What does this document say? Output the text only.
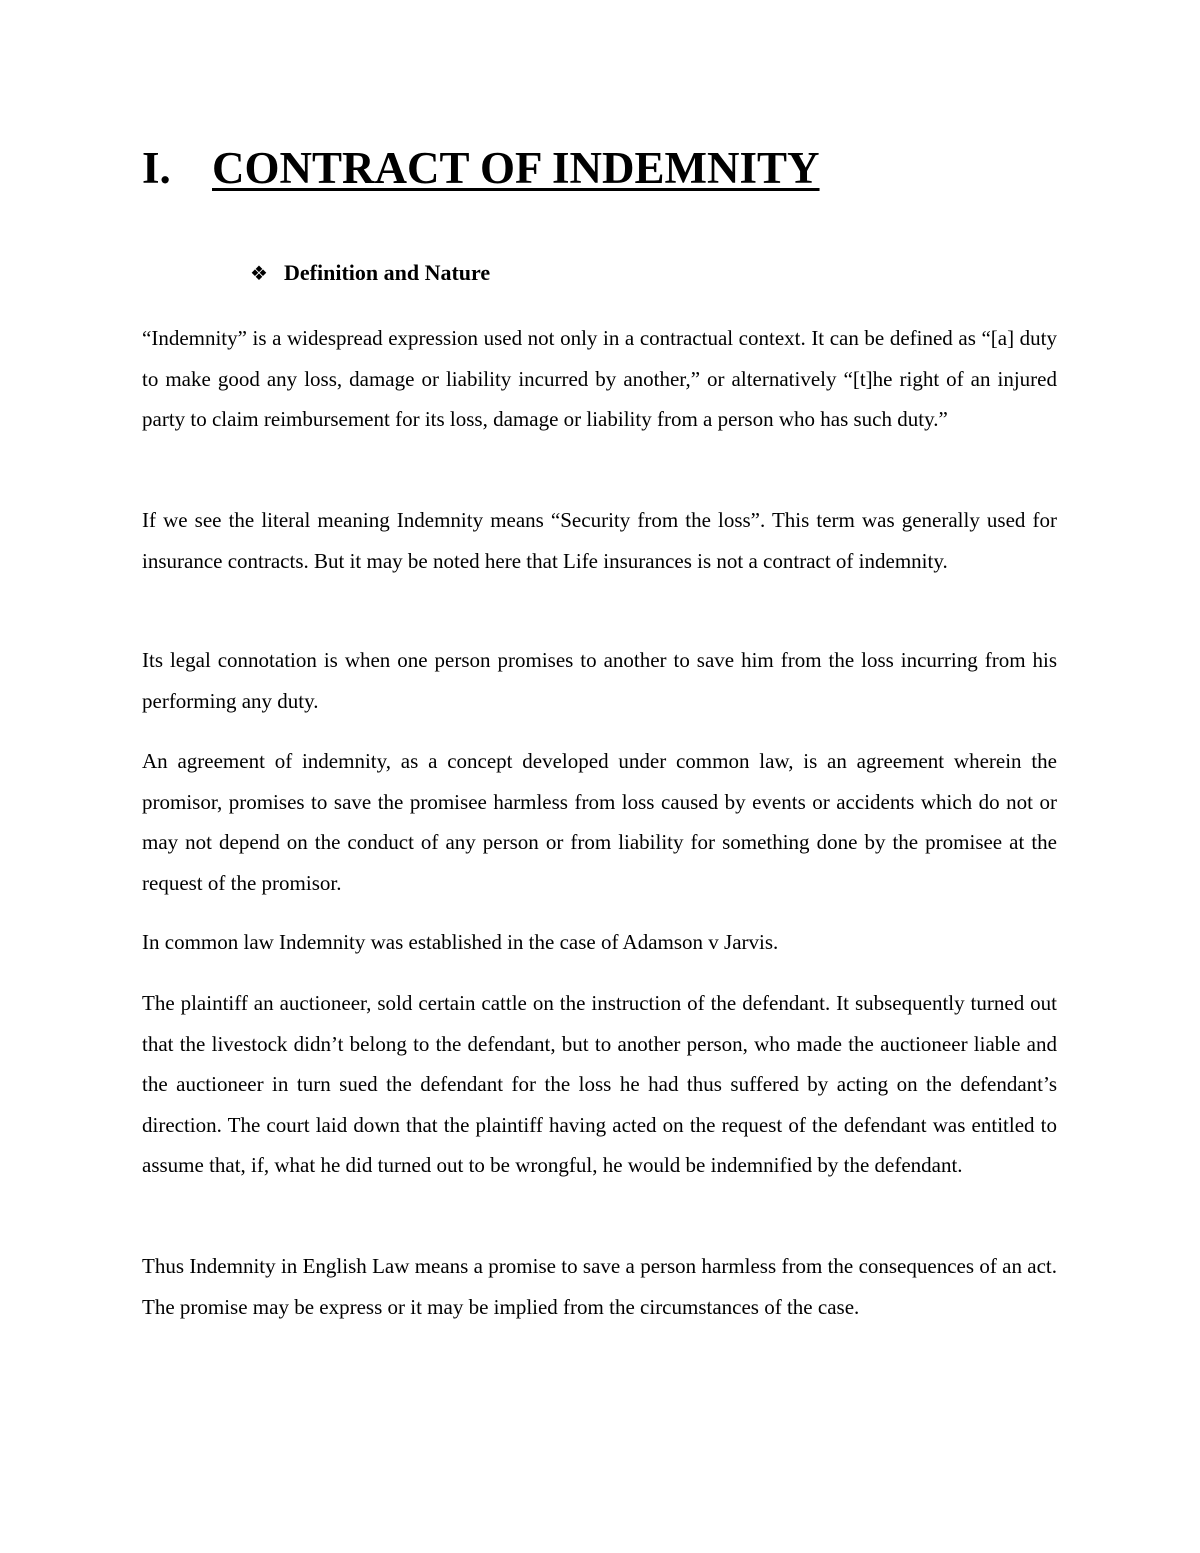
I. CONTRACT OF INDEMNITY
❖ Definition and Nature

“Indemnity” is a widespread expression used not only in a contractual context. It can be defined as “[a] duty to make good any loss, damage or liability incurred by another,” or alternatively “[t]he right of an injured party to claim reimbursement for its loss, damage or liability from a person who has such duty.”

If we see the literal meaning Indemnity means “Security from the loss”. This term was generally used for insurance contracts. But it may be noted here that Life insurances is not a contract of indemnity.

Its legal connotation is when one person promises to another to save him from the loss incurring from his performing any duty.

An agreement of indemnity, as a concept developed under common law, is an agreement wherein the promisor, promises to save the promisee harmless from loss caused by events or accidents which do not or may not depend on the conduct of any person or from liability for something done by the promisee at the request of the promisor.

In common law Indemnity was established in the case of Adamson v Jarvis.

The plaintiff an auctioneer, sold certain cattle on the instruction of the defendant. It subsequently turned out that the livestock didn’t belong to the defendant, but to another person, who made the auctioneer liable and the auctioneer in turn sued the defendant for the loss he had thus suffered by acting on the defendant’s direction. The court laid down that the plaintiff having acted on the request of the defendant was entitled to assume that, if, what he did turned out to be wrongful, he would be indemnified by the defendant.

Thus Indemnity in English Law means a promise to save a person harmless from the consequences of an act. The promise may be express or it may be implied from the circumstances of the case.
